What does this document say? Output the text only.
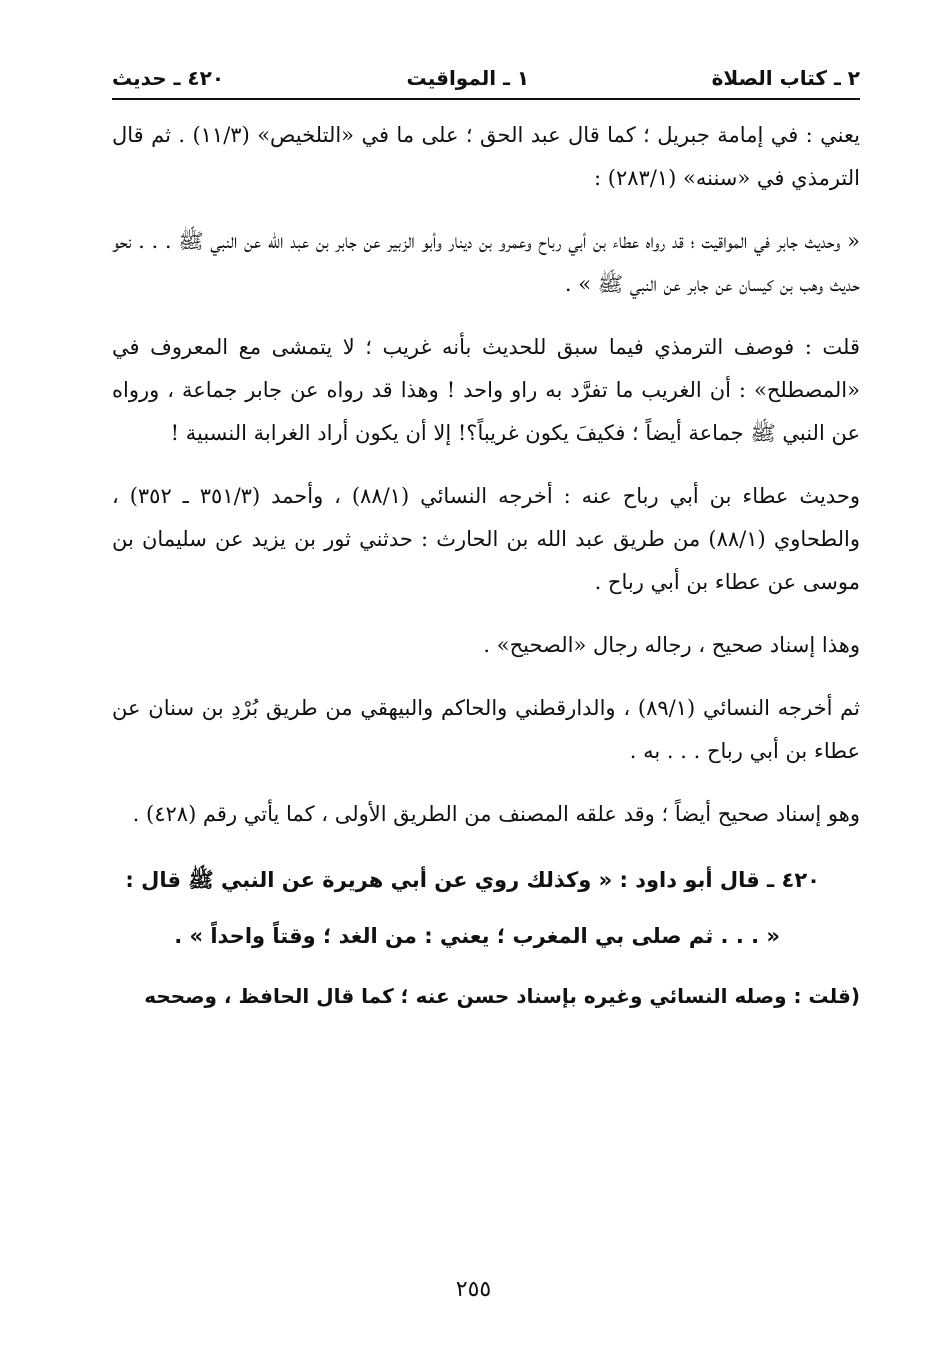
٢ ـ كتاب الصلاة
١ ـ المواقيت
٤٢٠ ـ حديث

يعني : في إمامة جبريل ؛ كما قال عبد الحق ؛ على ما في «التلخيص» (١١/٣) . ثم قال الترمذي في «سننه» (٢٨٣/١) :

« وحديث جابر في المواقيت ؛ قد رواه عطاء بن أبي رباح وعمرو بن دينار وأبو الزبير عن جابر بن عبد الله عن النبي ﷺ . . . نحو حديث وهب بن كيسان عن جابر عن النبي ﷺ » .

قلت : فوصف الترمذي فيما سبق للحديث بأنه غريب ؛ لا يتمشى مع المعروف في «المصطلح» : أن الغريب ما تفرَّد به راو واحد ! وهذا قد رواه عن جابر جماعة ، ورواه عن النبي ﷺ جماعة أيضاً ؛ فكيفَ يكون غريباً؟! إلا أن يكون أراد الغرابة النسبية !

وحديث عطاء بن أبي رباح عنه : أخرجه النسائي (٨٨/١) ، وأحمد (٣٥١/٣ ـ ٣٥٢) ، والطحاوي (٨٨/١) من طريق عبد الله بن الحارث : حدثني ثور بن يزيد عن سليمان بن موسى عن عطاء بن أبي رباح .

وهذا إسناد صحيح ، رجاله رجال «الصحيح» .

ثم أخرجه النسائي (٨٩/١) ، والدارقطني والحاكم والبيهقي من طريق بُرْدِ بن سنان عن عطاء بن أبي رباح . . . به .

وهو إسناد صحيح أيضاً ؛ وقد علقه المصنف من الطريق الأولى ، كما يأتي رقم (٤٢٨) .

٤٢٠ ـ قال أبو داود : « وكذلك روي عن أبي هريرة عن النبي ﷺ قال :
« . . . ثم صلى بي المغرب ؛ يعني : من الغد ؛ وقتاً واحداً » .
(قلت : وصله النسائي وغيره بإسناد حسن عنه ؛ كما قال الحافظ ، وصححه
٢٥٥
